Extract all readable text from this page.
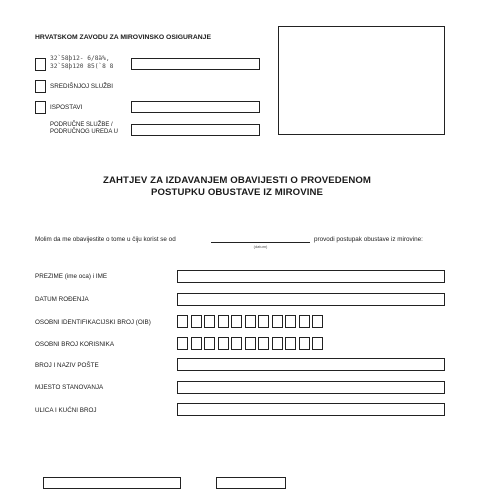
HRVATSKOM ZAVODU ZA MIROVINSKO OSIGURANJE
32`58þ12- 6/8ä%,
32`58þ120 85(`8 8
SREDIŠNJOJ SLUŽBI
ISPOSTAVI
PODRUČNE SLUŽBE /
PODRUČNOG UREDA U
ZAHTJEV ZA IZDAVANJEM OBAVIJESTI O PROVEDENOM
POSTUPKU OBUSTAVE IZ MIROVINE
Molim da me obavijestite o tome u čiju korist se od
(datum)
provodi postupak obustave iz mirovine:
PREZIME (ime oca) i IME
DATUM ROĐENJA
OSOBNI IDENTIFIKACIJSKI BROJ (OIB)
OSOBNI BROJ KORISNIKA
BROJ I NAZIV POŠTE
MJESTO STANOVANJA
ULICA I KUĆNI BROJ
